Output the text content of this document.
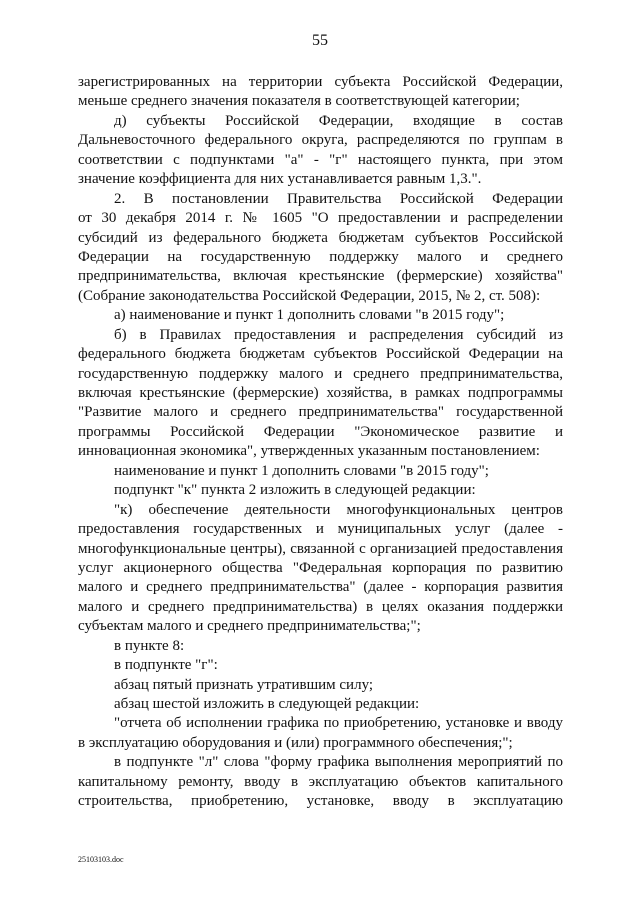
55
зарегистрированных на территории субъекта Российской Федерации,
меньше среднего значения показателя в соответствующей категории;
д) субъекты Российской Федерации, входящие в состав
Дальневосточного федерального округа, распределяются по группам в
соответствии с подпунктами "а" - "г" настоящего пункта, при этом
значение коэффициента для них устанавливается равным 1,3.".
2. В постановлении Правительства Российской Федерации
от 30 декабря 2014 г. № 1605 "О предоставлении и распределении
субсидий из федерального бюджета бюджетам субъектов Российской
Федерации на государственную поддержку малого и среднего
предпринимательства, включая крестьянские (фермерские) хозяйства"
(Собрание законодательства Российской Федерации, 2015, № 2, ст. 508):
а) наименование и пункт 1 дополнить словами "в 2015 году";
б) в Правилах предоставления и распределения субсидий из
федерального бюджета бюджетам субъектов Российской Федерации на
государственную поддержку малого и среднего предпринимательства,
включая крестьянские (фермерские) хозяйства, в рамках подпрограммы
"Развитие малого и среднего предпринимательства" государственной
программы Российской Федерации "Экономическое развитие и
инновационная экономика", утвержденных указанным постановлением:
наименование и пункт 1 дополнить словами "в 2015 году";
подпункт "к" пункта 2 изложить в следующей редакции:
"к) обеспечение деятельности многофункциональных центров
предоставления государственных и муниципальных услуг (далее -
многофункциональные центры), связанной с организацией предоставления
услуг акционерного общества "Федеральная корпорация по развитию
малого и среднего предпринимательства" (далее - корпорация развития
малого и среднего предпринимательства) в целях оказания поддержки
субъектам малого и среднего предпринимательства;";
в пункте 8:
в подпункте "г":
абзац пятый признать утратившим силу;
абзац шестой изложить в следующей редакции:
"отчета об исполнении графика по приобретению, установке и вводу
в эксплуатацию оборудования и (или) программного обеспечения;";
в подпункте "л" слова "форму графика выполнения мероприятий по
капитальному ремонту, вводу в эксплуатацию объектов капитального
строительства, приобретению, установке, вводу в эксплуатацию
25103103.doc
